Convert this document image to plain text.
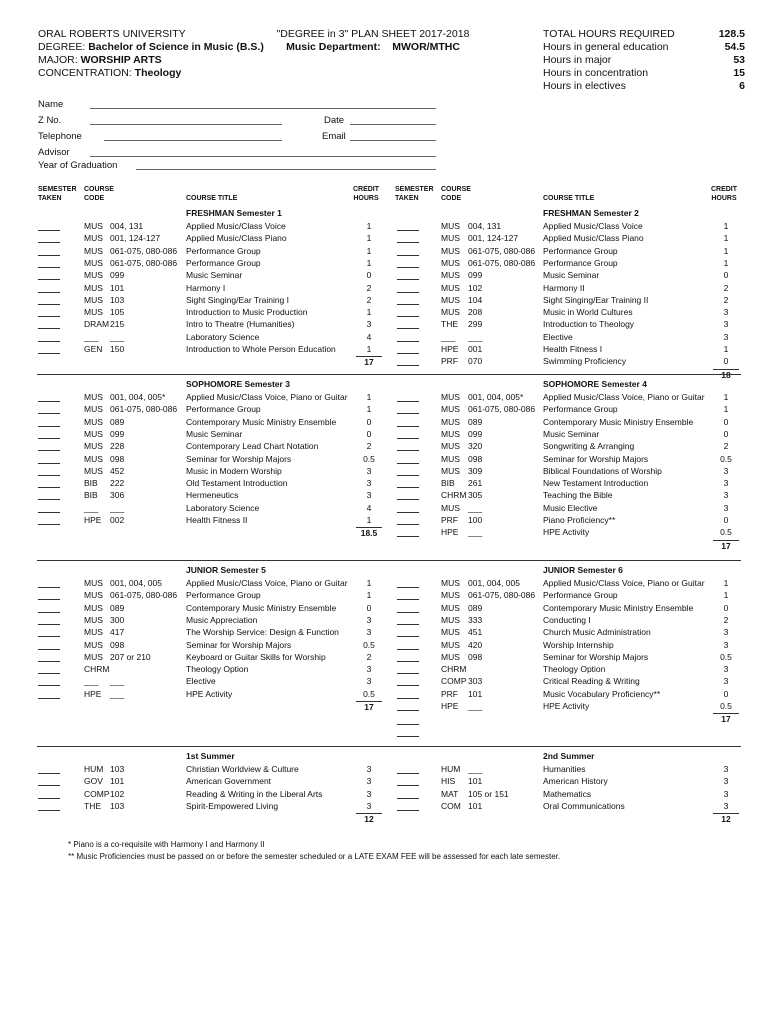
ORAL ROBERTS UNIVERSITY
DEGREE: Bachelor of Science in Music (B.S.)
MAJOR: WORSHIP ARTS
CONCENTRATION: Theology
"DEGREE in 3" PLAN SHEET 2017-2018
Music Department: MWOR/MTHC
TOTAL HOURS REQUIRED	128.5
Hours in general education	54.5
Hours in major	53
Hours in concentration	15
Hours in electives	6
Name
Z No.	Date
Telephone	Email
Advisor
Year of Graduation
SEMESTER TAKEN
COURSE CODE	COURSE TITLE
CREDIT HOURS
SEMESTER TAKEN
COURSE CODE	COURSE TITLE
CREDIT HOURS
FRESHMAN Semester 1
MUS 004, 131	Applied Music/Class Voice	1
MUS 001, 124-127	Applied Music/Class Piano	1
MUS 061-075, 080-086 Performance Group	1
MUS 061-075, 080-086 Performance Group	1
MUS 099	Music Seminar	0
MUS 101	Harmony I	2
MUS 103	Sight Singing/Ear Training I	2
MUS 105	Introduction to Music Production	1
DRAM 215	Intro to Theatre (Humanities)	3
___ ___	Laboratory Science	4
GEN 150	Introduction to Whole Person Education	1
17
FRESHMAN Semester 2
MUS 004, 131	Applied Music/Class Voice	1
MUS 001, 124-127	Applied Music/Class Piano	1
MUS 061-075, 080-086 Performance Group	1
MUS 061-075, 080-086 Performance Group	1
MUS 099	Music Seminar	0
MUS 102	Harmony II	2
MUS 104	Sight Singing/Ear Training II	2
MUS 208	Music in World Cultures	3
THE 299	Introduction to Theology	3
___ ___	Elective	3
HPE 001	Health Fitness I	1
PRF 070	Swimming Proficiency	0
18
SOPHOMORE Semester 3
MUS 001, 004, 005* Applied Music/Class Voice, Piano or Guitar	1
MUS 061-075, 080-086 Performance Group	1
MUS 089	Contemporary Music Ministry Ensemble	0
MUS 099	Music Seminar	0
MUS 228	Contemporary Lead Chart Notation	2
MUS 098	Seminar for Worship Majors	0.5
MUS 452	Music in Modern Worship	3
BIB 222	Old Testament Introduction	3
BIB 306	Hermeneutics	3
___ ___	Laboratory Science	4
HPE 002	Health Fitness II	1
18.5
SOPHOMORE Semester 4
MUS 001, 004, 005* Applied Music/Class Voice, Piano or Guitar	1
MUS 061-075, 080-086 Performance Group	1
MUS 089	Contemporary Music Ministry Ensemble	0
MUS 099	Music Seminar	0
MUS 320	Songwriting & Arranging	2
MUS 098	Seminar for Worship Majors	0.5
MUS 309	Biblical Foundations of Worship	3
BIB 261	New Testament Introduction	3
CHRM 305	Teaching the Bible	3
MUS ___	Music Elective	3
PRF 100	Piano Proficiency**	0
HPE ___	HPE Activity	0.5
17
JUNIOR Semester 5
MUS 001, 004, 005	Applied Music/Class Voice, Piano or Guitar	1
MUS 061-075, 080-086 Performance Group	1
MUS 089	Contemporary Music Ministry Ensemble	0
MUS 300	Music Appreciation	3
MUS 417	The Worship Service: Design & Function	3
MUS 098	Seminar for Worship Majors	0.5
MUS 207 or 210	Keyboard or Guitar Skills for Worship	2
CHRM	Theology Option	3
___ ___	Elective	3
HPE ___	HPE Activity	0.5
17
JUNIOR Semester 6
MUS 001, 004, 005	Applied Music/Class Voice, Piano or Guitar	1
MUS 061-075, 080-086 Performance Group	1
MUS 089	Contemporary Music Ministry Ensemble	0
MUS 333	Conducting I	2
MUS 451	Church Music Administration	3
MUS 420	Worship Internship	3
MUS 098	Seminar for Worship Majors	0.5
CHRM	Theology Option	3
COMP 303	Critical Reading & Writing	3
PRF 101	Music Vocabulary Proficiency**	0
HPE ___	HPE Activity	0.5
17
1st Summer
HUM 103	Christian Worldview & Culture	3
GOV 101	American Government	3
COMP 102	Reading & Writing in the Liberal Arts	3
THE 103	Spirit-Empowered Living	3
12
2nd Summer
HUM ___	Humanities	3
HIS 101	American History	3
MAT 105 or 151	Mathematics	3
COM 101	Oral Communications	3
12
* Piano is a co-requisite with Harmony I and Harmony II
** Music Proficiencies must be passed on or before the semester scheduled or a LATE EXAM FEE will be assessed for each late semester.
